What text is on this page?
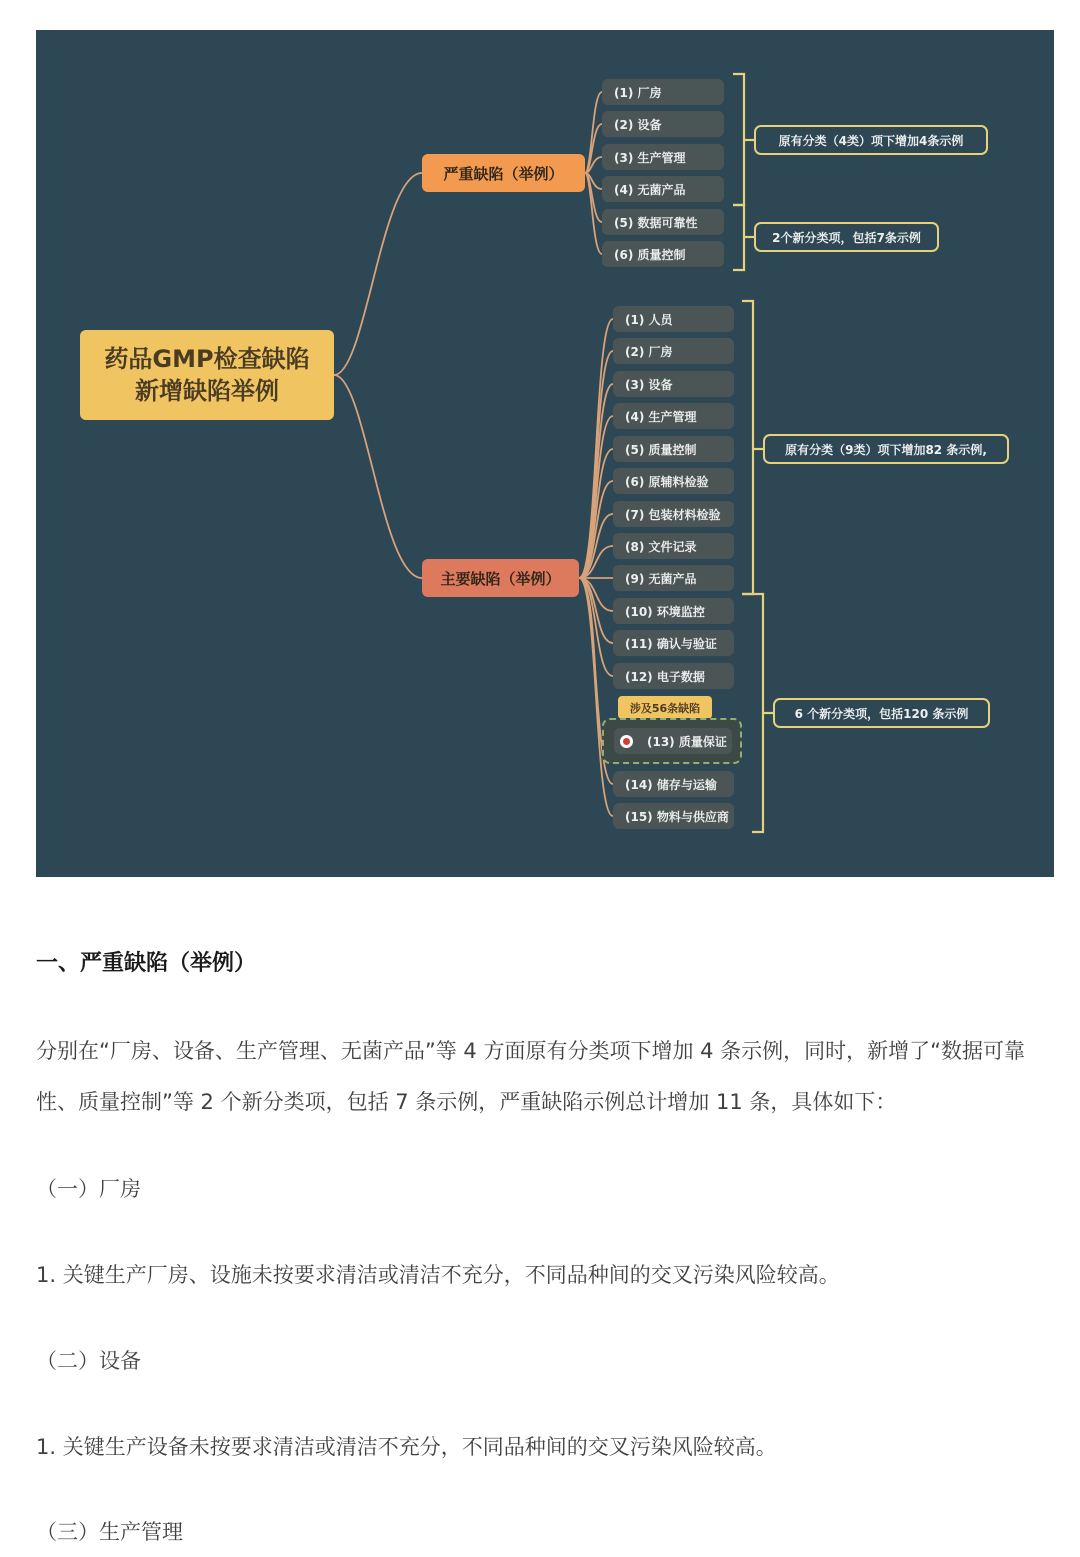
药品GMP检查缺陷
新增缺陷举例
严重缺陷（举例）
主要缺陷（举例）
(1) 厂房
(2) 设备
(3) 生产管理
(4) 无菌产品
(5) 数据可靠性
(6) 质量控制
原有分类（4类）项下增加4条示例
2个新分类项，包括7条示例
(1) 人员
(2) 厂房
(3) 设备
(4) 生产管理
(5) 质量控制
(6) 原辅料检验
(7) 包装材料检验
(8) 文件记录
(9) 无菌产品
(10) 环境监控
(11) 确认与验证
(12) 电子数据
涉及56条缺陷
(13) 质量保证
(14) 储存与运输
(15) 物料与供应商
原有分类（9类）项下增加82 条示例,
6 个新分类项，包括120 条示例
一、严重缺陷（举例）
分别在“厂房、设备、生产管理、无菌产品”等 4 方面原有分类项下增加 4 条示例，同时，新增了“数据可靠性、质量控制”等 2 个新分类项，包括 7 条示例，严重缺陷示例总计增加 11 条，具体如下：
（一）厂房
1. 关键生产厂房、设施未按要求清洁或清洁不充分，不同品种间的交叉污染风险较高。
（二）设备
1. 关键生产设备未按要求清洁或清洁不充分，不同品种间的交叉污染风险较高。
（三）生产管理
